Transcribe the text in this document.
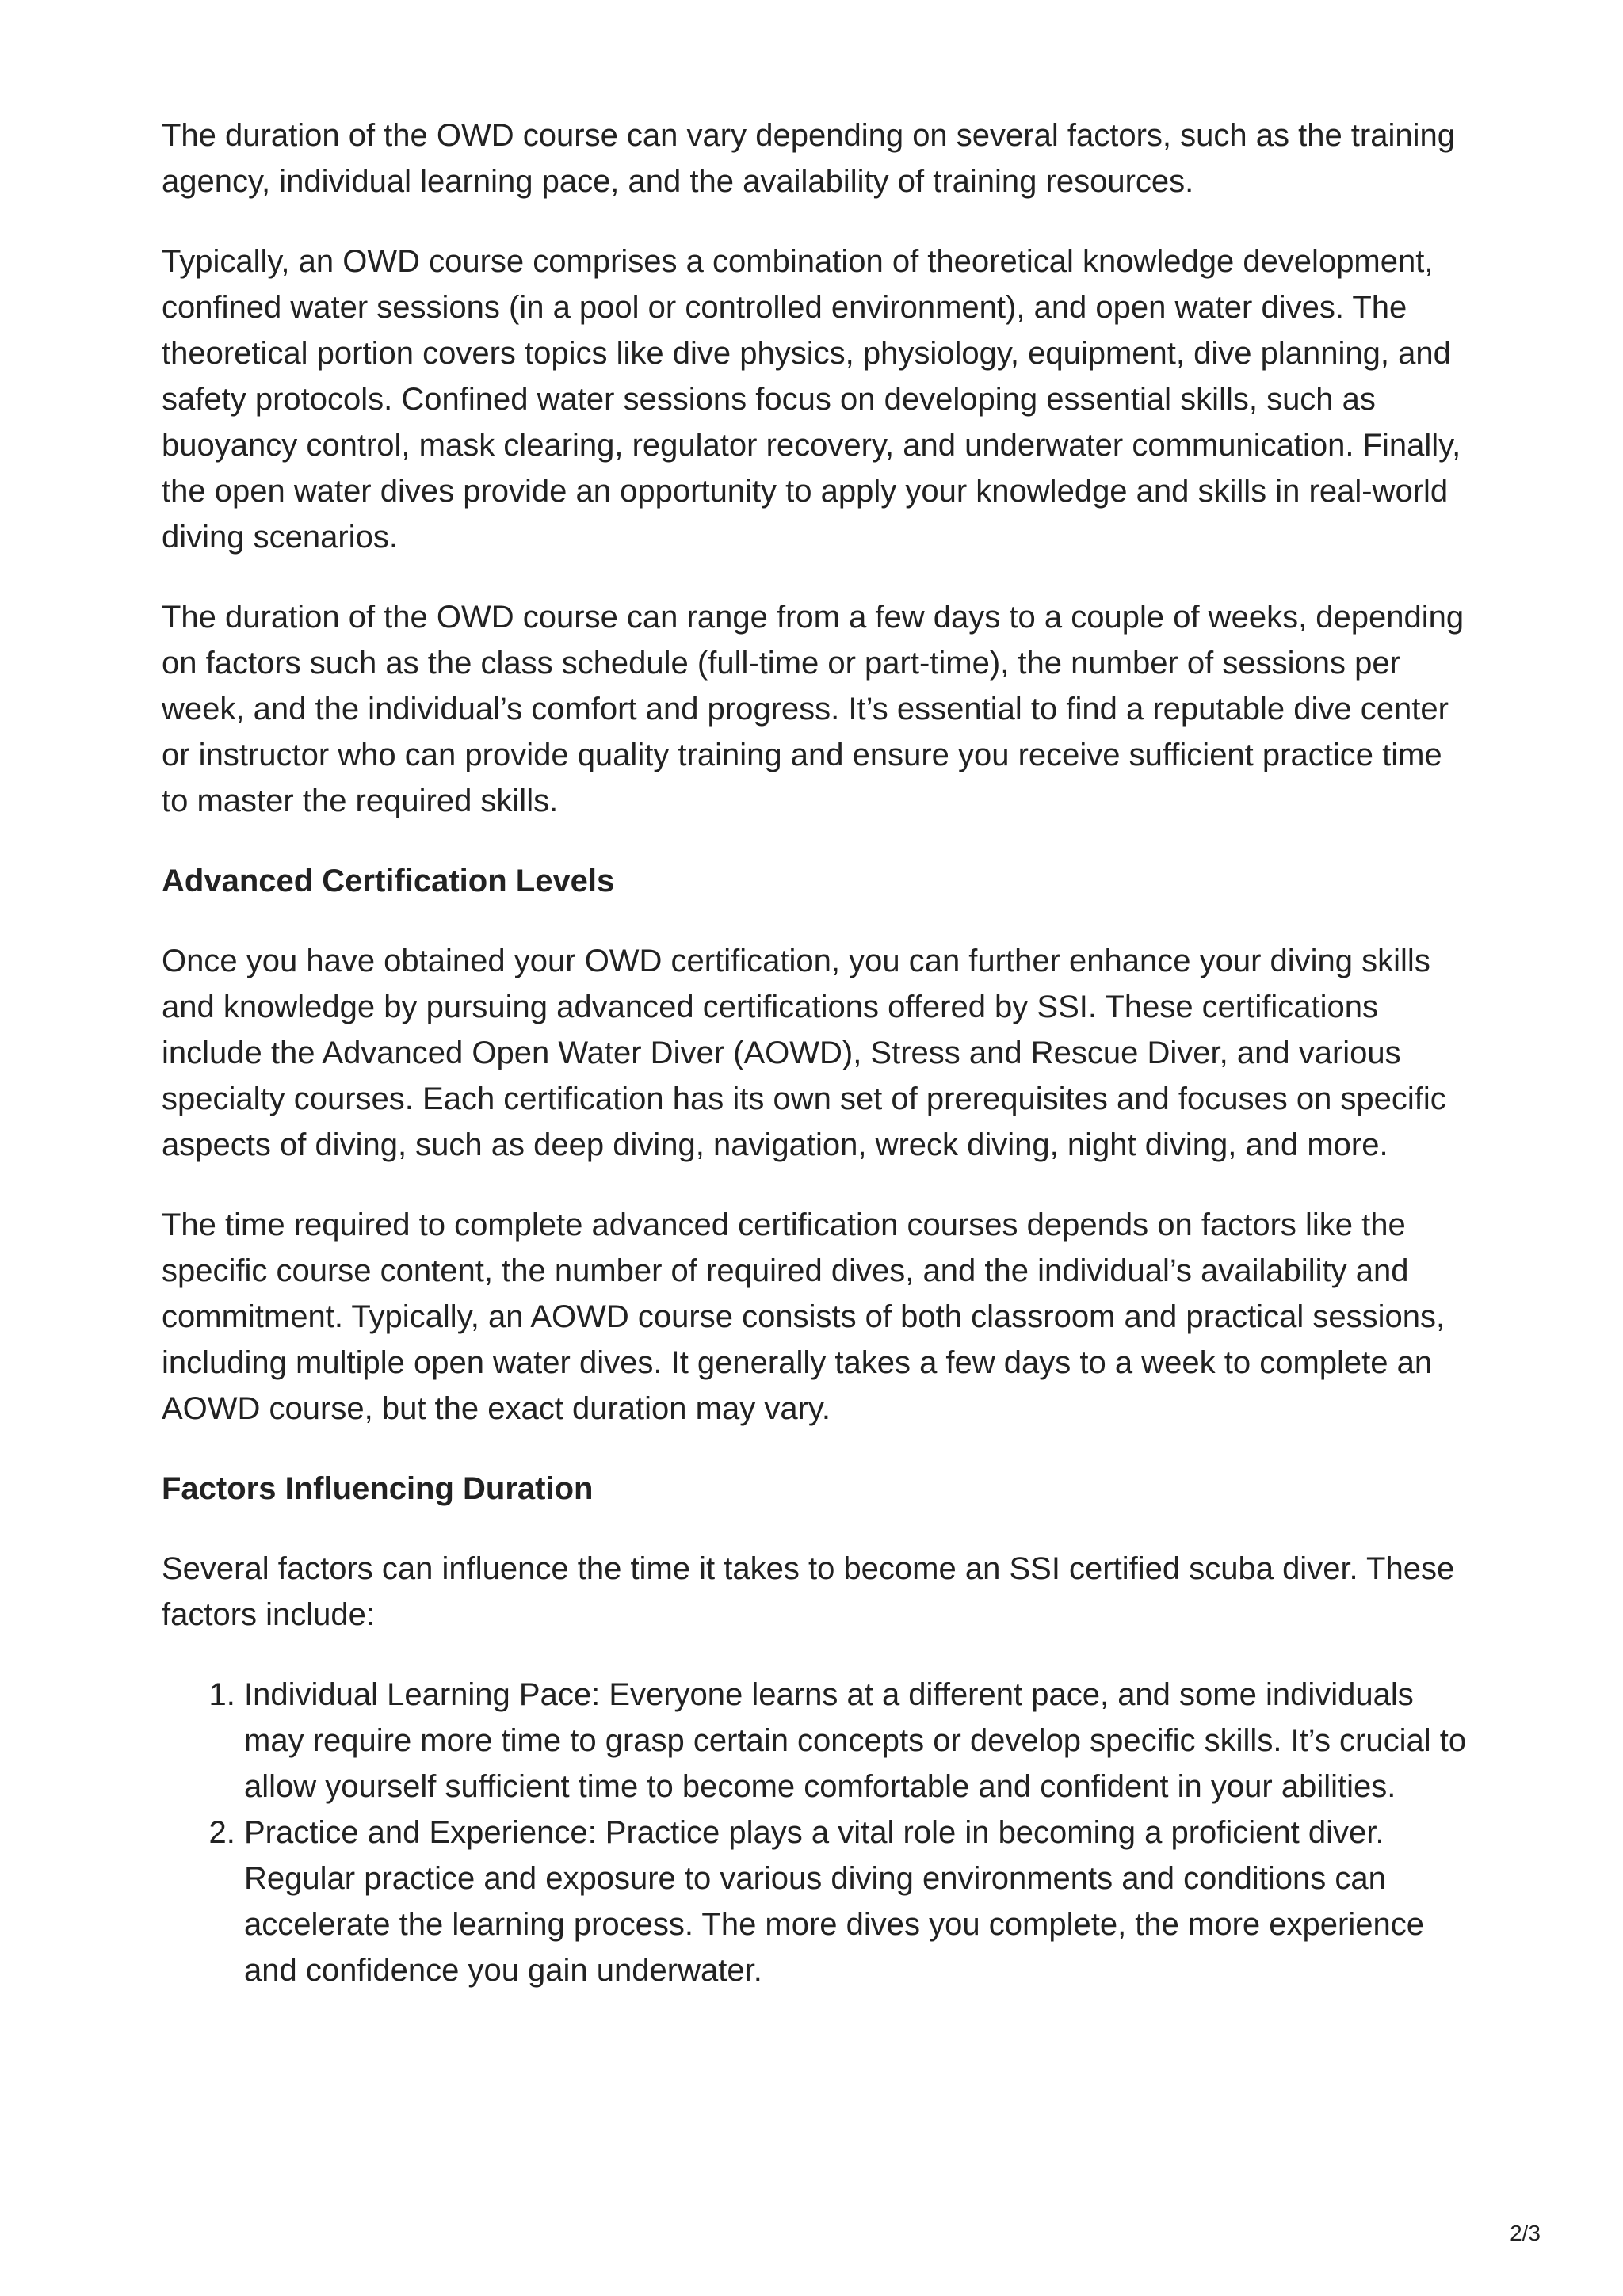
The duration of the OWD course can vary depending on several factors, such as the training agency, individual learning pace, and the availability of training resources.

Typically, an OWD course comprises a combination of theoretical knowledge development, confined water sessions (in a pool or controlled environment), and open water dives. The theoretical portion covers topics like dive physics, physiology, equipment, dive planning, and safety protocols. Confined water sessions focus on developing essential skills, such as buoyancy control, mask clearing, regulator recovery, and underwater communication. Finally, the open water dives provide an opportunity to apply your knowledge and skills in real-world diving scenarios.

The duration of the OWD course can range from a few days to a couple of weeks, depending on factors such as the class schedule (full-time or part-time), the number of sessions per week, and the individual’s comfort and progress. It’s essential to find a reputable dive center or instructor who can provide quality training and ensure you receive sufficient practice time to master the required skills.

Advanced Certification Levels

Once you have obtained your OWD certification, you can further enhance your diving skills and knowledge by pursuing advanced certifications offered by SSI. These certifications include the Advanced Open Water Diver (AOWD), Stress and Rescue Diver, and various specialty courses. Each certification has its own set of prerequisites and focuses on specific aspects of diving, such as deep diving, navigation, wreck diving, night diving, and more.

The time required to complete advanced certification courses depends on factors like the specific course content, the number of required dives, and the individual’s availability and commitment. Typically, an AOWD course consists of both classroom and practical sessions, including multiple open water dives. It generally takes a few days to a week to complete an AOWD course, but the exact duration may vary.

Factors Influencing Duration

Several factors can influence the time it takes to become an SSI certified scuba diver. These factors include:

1. Individual Learning Pace: Everyone learns at a different pace, and some individuals may require more time to grasp certain concepts or develop specific skills. It’s crucial to allow yourself sufficient time to become comfortable and confident in your abilities.
2. Practice and Experience: Practice plays a vital role in becoming a proficient diver. Regular practice and exposure to various diving environments and conditions can accelerate the learning process. The more dives you complete, the more experience and confidence you gain underwater.
2/3
